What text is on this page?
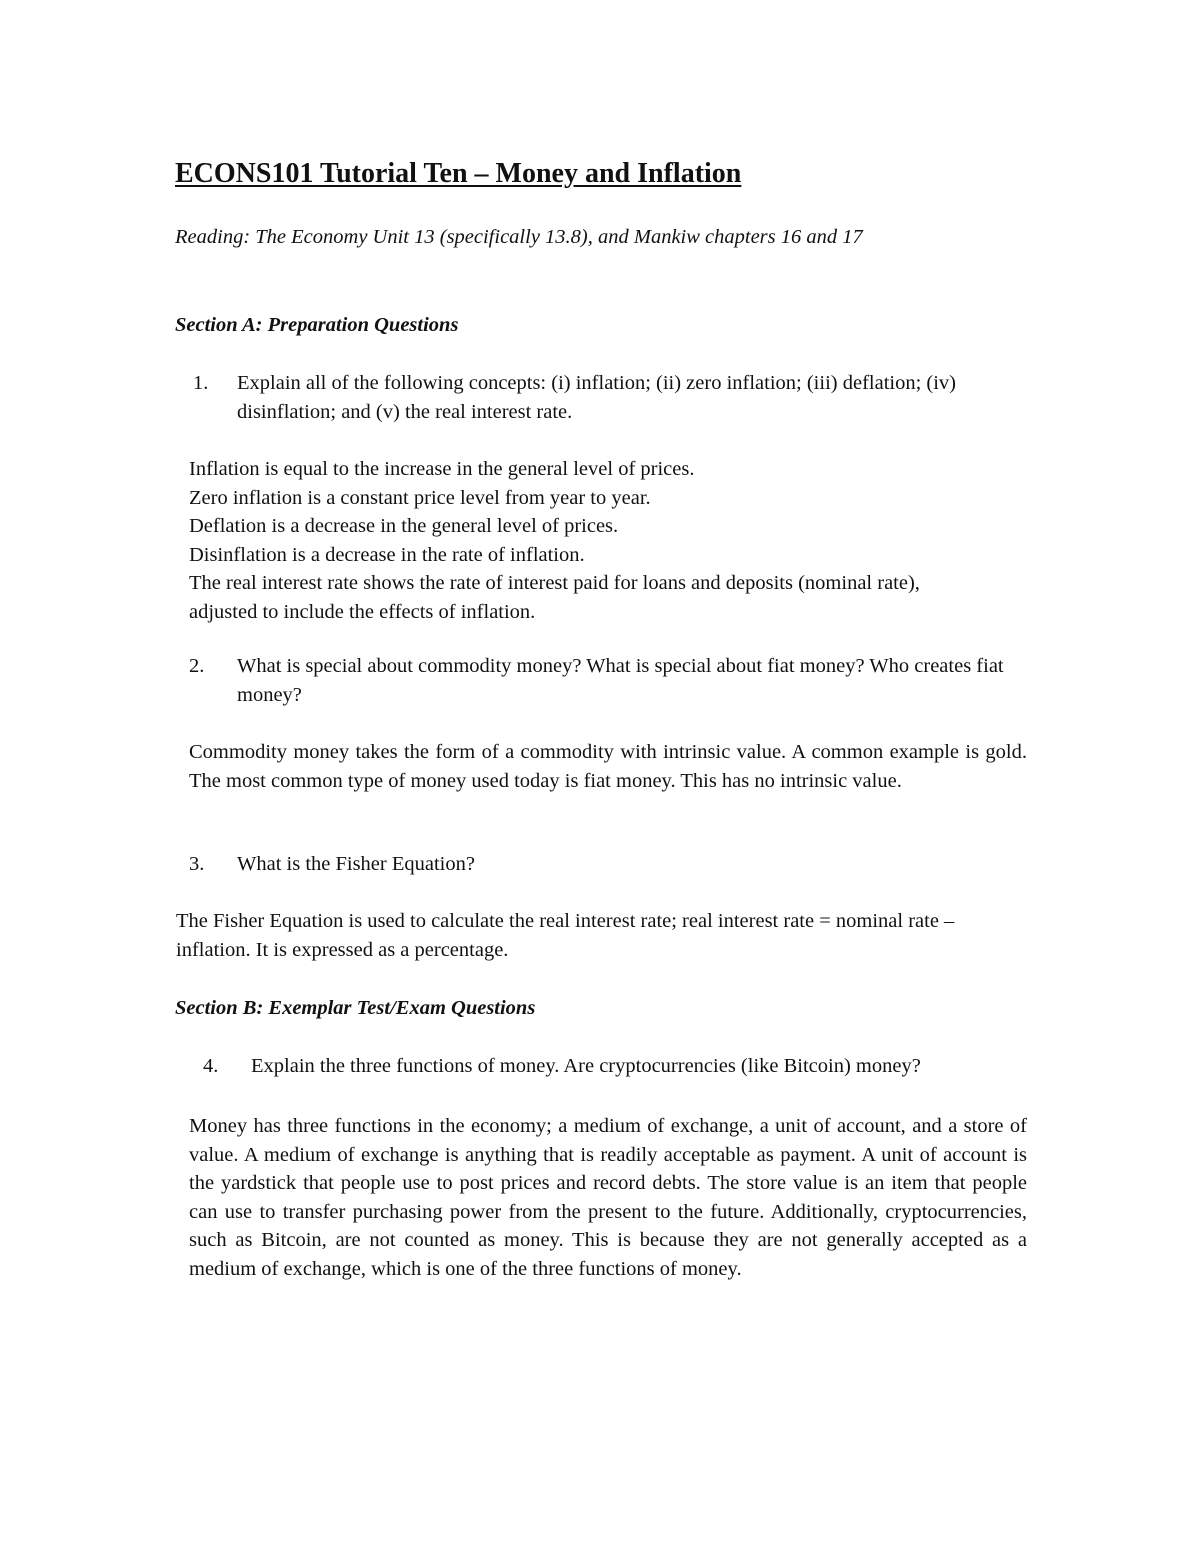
ECONS101 Tutorial Ten – Money and Inflation
Reading: The Economy Unit 13 (specifically 13.8), and Mankiw chapters 16 and 17
Section A: Preparation Questions
1. Explain all of the following concepts: (i) inflation; (ii) zero inflation; (iii) deflation; (iv) disinflation; and (v) the real interest rate.
Inflation is equal to the increase in the general level of prices.
Zero inflation is a constant price level from year to year.
Deflation is a decrease in the general level of prices.
Disinflation is a decrease in the rate of inflation.
The real interest rate shows the rate of interest paid for loans and deposits (nominal rate),
adjusted to include the effects of inflation.
2. What is special about commodity money? What is special about fiat money? Who creates fiat money?
Commodity money takes the form of a commodity with intrinsic value. A common example is gold. The most common type of money used today is fiat money. This has no intrinsic value.
3. What is the Fisher Equation?
The Fisher Equation is used to calculate the real interest rate; real interest rate = nominal rate – inflation. It is expressed as a percentage.
Section B: Exemplar Test/Exam Questions
4. Explain the three functions of money. Are cryptocurrencies (like Bitcoin) money?
Money has three functions in the economy; a medium of exchange, a unit of account, and a store of value. A medium of exchange is anything that is readily acceptable as payment. A unit of account is the yardstick that people use to post prices and record debts. The store value is an item that people can use to transfer purchasing power from the present to the future. Additionally, cryptocurrencies, such as Bitcoin, are not counted as money. This is because they are not generally accepted as a medium of exchange, which is one of the three functions of money.
